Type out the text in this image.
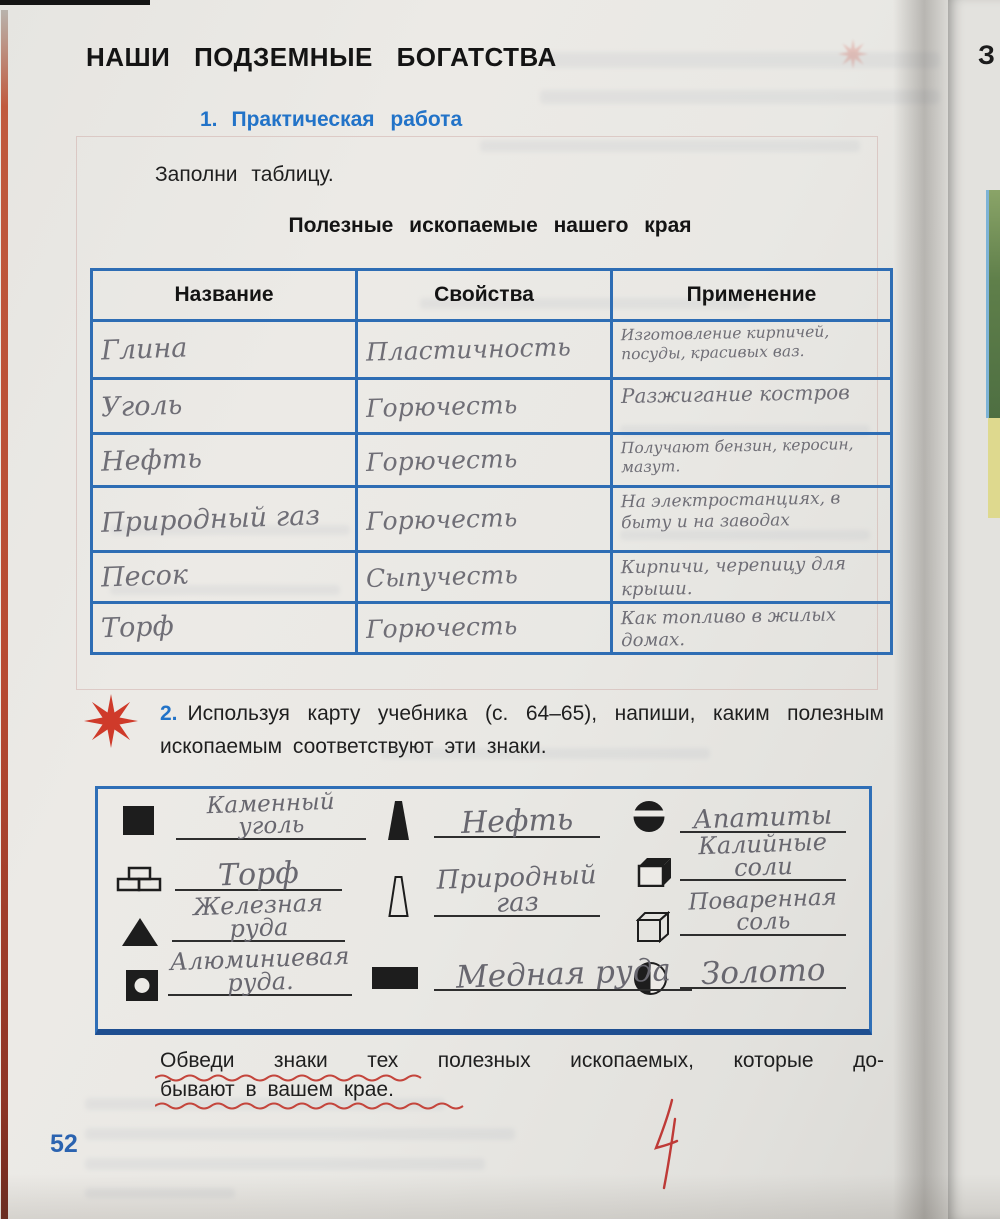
НАШИ ПОДЗЕМНЫЕ БОГАТСТВА
1. Практическая работа
Заполни таблицу.
Полезные ископаемые нашего края
Название	Свойства	Применение
Глина	Пластичность	Изготовление кирпичей, посуды, красивых ваз.
Уголь	Горючесть	Разжигание костров
Нефть	Горючесть	Получают бензин, керосин, мазут.
Природный газ	Горючесть	На электростанциях, в быту и на заводах
Песок	Сыпучесть	Кирпичи, черепицу для крыши.
Торф	Горючесть	Как топливо в жилых домах.

2. Используя карту учебника (с. 64–65), напиши, каким полезным ископаемым соответствуют эти знаки.

Каменный уголь
Торф
Железная руда
Алюминиевая руда.
Нефть
Природный газ
Медная руда
Апатиты
Калийные соли
Поваренная соль
Золото
Обведи знаки тех полезных ископаемых, которые до-
бывают в вашем крае.
52
З
